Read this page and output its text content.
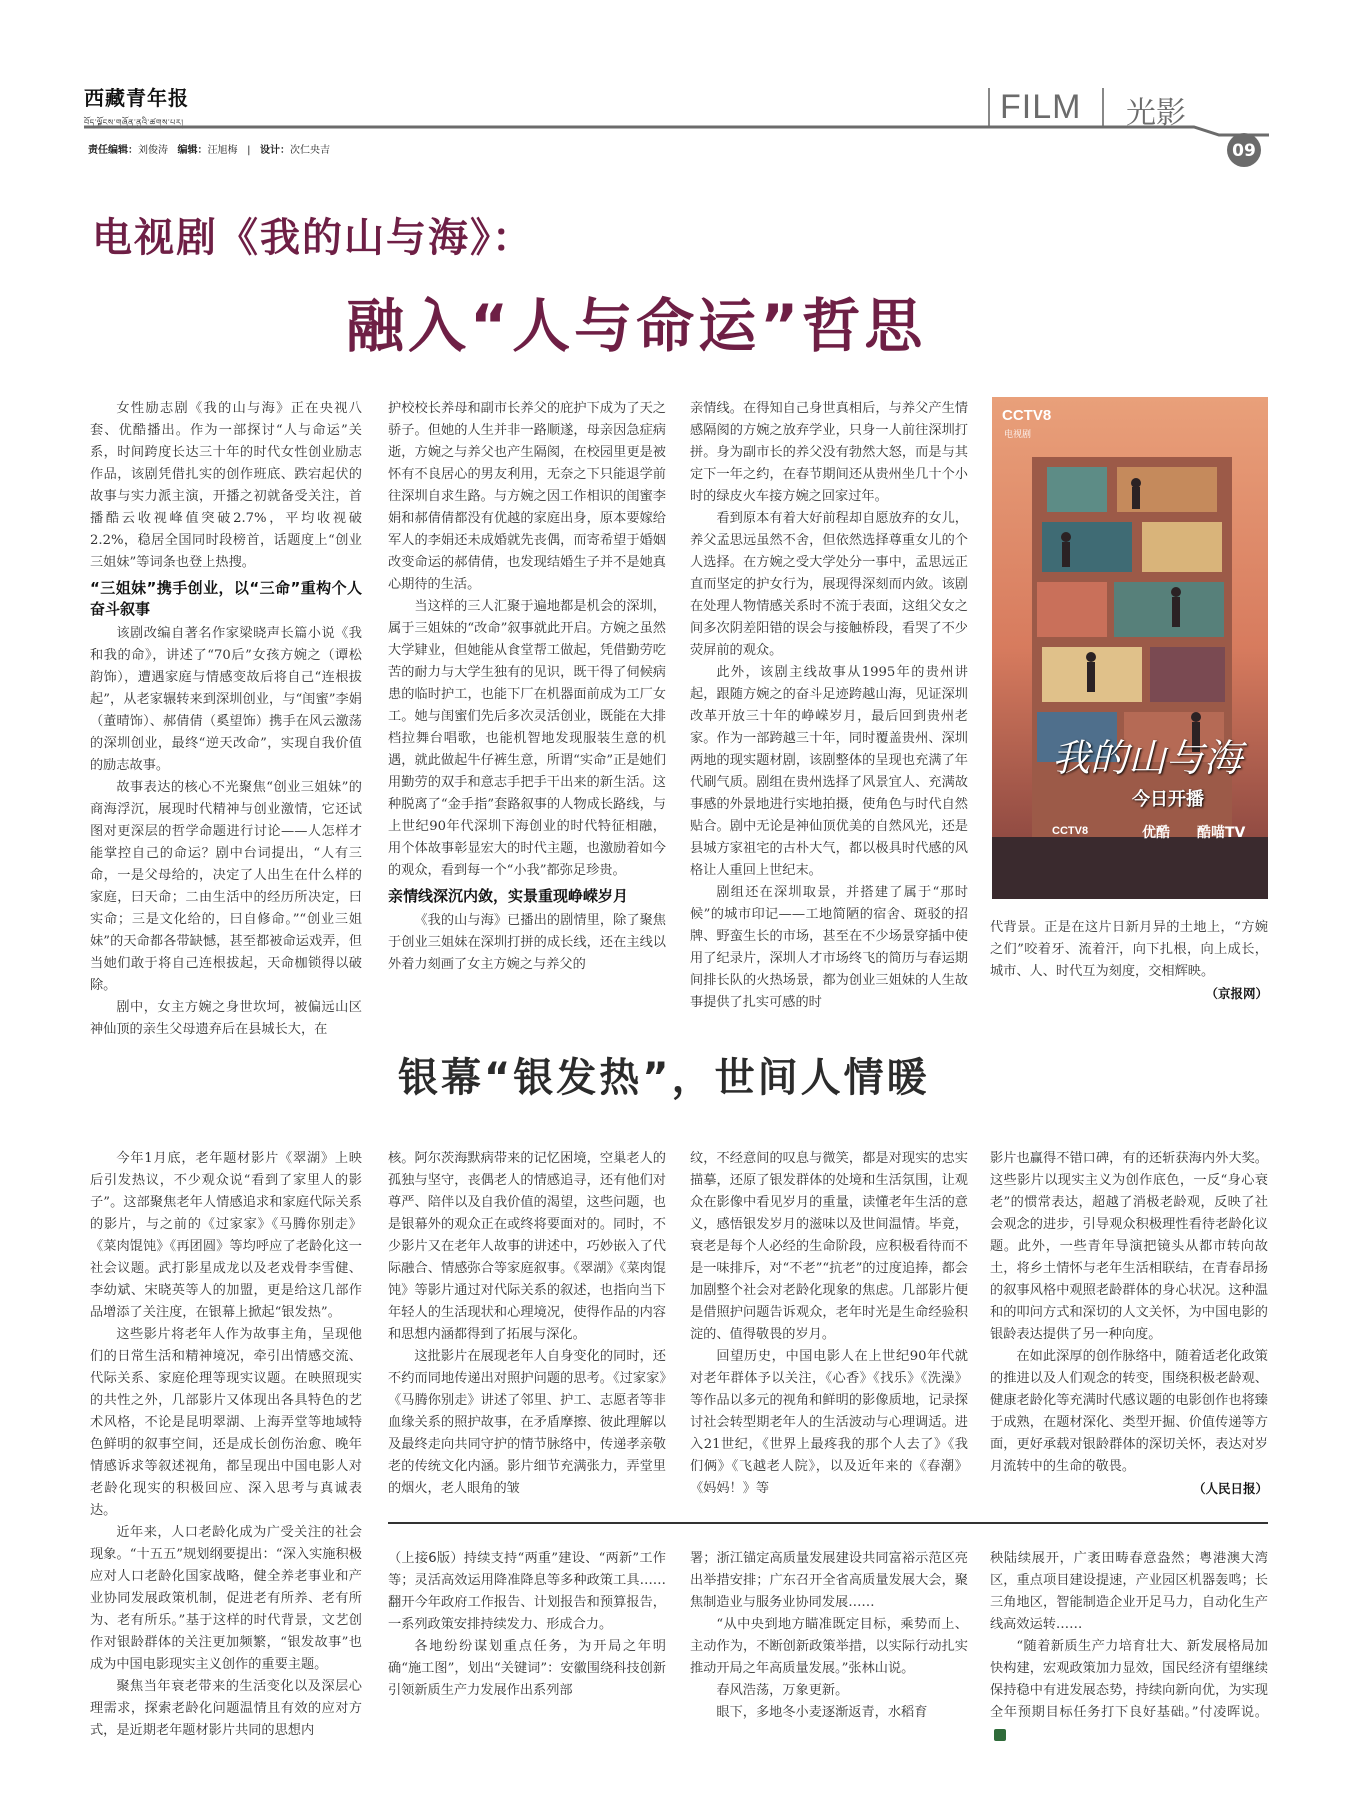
西藏青年报
བོད་ལྗོངས་གཞོན་ནུའི་ཚགས་པར།	FILM 光影
09
责任编辑：刘俊涛 编辑：汪旭梅 | 设计：次仁央吉
电视剧《我的山与海》：
融入“人与命运”哲思

女性励志剧《我的山与海》正在央视八套、优酷播出。作为一部探讨“人与命运”关系，时间跨度长达三十年的时代女性创业励志作品，该剧凭借扎实的创作班底、跌宕起伏的故事与实力派主演，开播之初就备受关注，首播酷云收视峰值突破2.7%，平均收视破2.2%，稳居全国同时段榜首，话题度上“创业三姐妹”等词条也登上热搜。

“三姐妹”携手创业，以“三命”重构个人奋斗叙事

该剧改编自著名作家梁晓声长篇小说《我和我的命》，讲述了“70后”女孩方婉之（谭松韵饰），遭遇家庭与情感变故后将自己“连根拔起”，从老家辗转来到深圳创业，与“闺蜜”李娟（董晴饰）、郝倩倩（奚望饰）携手在风云激荡的深圳创业，最终“逆天改命”，实现自我价值的励志故事。

故事表达的核心不光聚焦“创业三姐妹”的商海浮沉，展现时代精神与创业激情，它还试图对更深层的哲学命题进行讨论——人怎样才能掌控自己的命运？剧中台词提出，“人有三命，一是父母给的，决定了人出生在什么样的家庭，曰天命；二由生活中的经历所决定，曰实命；三是文化给的，曰自修命。”“创业三姐妹”的天命都各带缺憾，甚至都被命运戏弄，但当她们敢于将自己连根拔起，天命枷锁得以破除。

剧中，女主方婉之身世坎坷，被偏远山区神仙顶的亲生父母遗弃后在县城长大，在

护校校长养母和副市长养父的庇护下成为了天之骄子。但她的人生并非一路顺遂，母亲因急症病逝，方婉之与养父也产生隔阂，在校园里更是被怀有不良居心的男友利用，无奈之下只能退学前往深圳自求生路。与方婉之因工作相识的闺蜜李娟和郝倩倩都没有优越的家庭出身，原本要嫁给军人的李娟还未成婚就先丧偶，而寄希望于婚姻改变命运的郝倩倩，也发现结婚生子并不是她真心期待的生活。

当这样的三人汇聚于遍地都是机会的深圳，属于三姐妹的“改命”叙事就此开启。方婉之虽然大学肄业，但她能从食堂帮工做起，凭借勤劳吃苦的耐力与大学生独有的见识，既干得了伺候病患的临时护工，也能下厂在机器面前成为工厂女工。她与闺蜜们先后多次灵活创业，既能在大排档拉舞台唱歌，也能机智地发现服装生意的机遇，就此做起牛仔裤生意，所谓“实命”正是她们用勤劳的双手和意志手把手干出来的新生活。这种脱离了“金手指”套路叙事的人物成长路线，与上世纪90年代深圳下海创业的时代特征相融，用个体故事彰显宏大的时代主题，也激励着如今的观众，看到每一个“小我”都弥足珍贵。

亲情线深沉内敛，实景重现峥嵘岁月

《我的山与海》已播出的剧情里，除了聚焦于创业三姐妹在深圳打拼的成长线，还在主线以外着力刻画了女主方婉之与养父的

亲情线。在得知自己身世真相后，与养父产生情感隔阂的方婉之放弃学业，只身一人前往深圳打拼。身为副市长的养父没有勃然大怒，而是与其定下一年之约，在春节期间还从贵州坐几十个小时的绿皮火车接方婉之回家过年。

看到原本有着大好前程却自愿放弃的女儿，养父孟思远虽然不舍，但依然选择尊重女儿的个人选择。在方婉之受大学处分一事中，孟思远正直而坚定的护女行为，展现得深刻而内敛。该剧在处理人物情感关系时不流于表面，这组父女之间多次阴差阳错的误会与接触桥段，看哭了不少荧屏前的观众。

此外，该剧主线故事从1995年的贵州讲起，跟随方婉之的奋斗足迹跨越山海，见证深圳改革开放三十年的峥嵘岁月，最后回到贵州老家。作为一部跨越三十年，同时覆盖贵州、深圳两地的现实题材剧，该剧整体的呈现也充满了年代刷气质。剧组在贵州选择了风景宜人、充满故事感的外景地进行实地拍摄，使角色与时代自然贴合。剧中无论是神仙顶优美的自然风光，还是县城方家祖宅的古朴大气，都以极具时代感的风格让人重回上世纪末。

剧组还在深圳取景，并搭建了属于“那时候”的城市印记——工地简陋的宿舍、斑驳的招牌、野蛮生长的市场，甚至在不少场景穿插中使用了纪录片，深圳人才市场终飞的简历与春运期间排长队的火热场景，都为创业三姐妹的人生故事提供了扎实可感的时

CCTV8
电视剧
我的山与海
今日开播
CCTV8	优酷 酷喵TV

代背景。正是在这片日新月异的土地上，“方婉之们”咬着牙、流着汗，向下扎根，向上成长，城市、人、时代互为刻度，交相辉映。

（京报网）

银幕“银发热”，世间人情暖

今年1月底，老年题材影片《翠湖》上映后引发热议，不少观众说“看到了家里人的影子”。这部聚焦老年人情感追求和家庭代际关系的影片，与之前的《过家家》《马腾你别走》《菜肉馄饨》《再团圆》等均呼应了老龄化这一社会议题。武打影星成龙以及老戏骨李雪健、李幼斌、宋晓英等人的加盟，更是给这几部作品增添了关注度，在银幕上掀起“银发热”。

这些影片将老年人作为故事主角，呈现他们的日常生活和精神境况，牵引出情感交流、代际关系、家庭伦理等现实议题。在映照现实的共性之外，几部影片又体现出各具特色的艺术风格，不论是昆明翠湖、上海弄堂等地域特色鲜明的叙事空间，还是成长创伤治愈、晚年情感诉求等叙述视角，都呈现出中国电影人对老龄化现实的积极回应、深入思考与真诚表达。

近年来，人口老龄化成为广受关注的社会现象。“十五五”规划纲要提出：“深入实施积极应对人口老龄化国家战略，健全养老事业和产业协同发展政策机制，促进老有所养、老有所为、老有所乐。”基于这样的时代背景，文艺创作对银龄群体的关注更加频繁，“银发故事”也成为中国电影现实主义创作的重要主题。

聚焦当年衰老带来的生活变化以及深层心理需求，探索老龄化问题温情且有效的应对方式，是近期老年题材影片共同的思想内

核。阿尔茨海默病带来的记忆困境，空巢老人的孤独与坚守，丧偶老人的情感追寻，还有他们对尊严、陪伴以及自我价值的渴望，这些问题，也是银幕外的观众正在或终将要面对的。同时，不少影片又在老年人故事的讲述中，巧妙嵌入了代际融合、情感弥合等家庭叙事。《翠湖》《菜肉馄饨》等影片通过对代际关系的叙述，也指向当下年轻人的生活现状和心理境况，使得作品的内容和思想内涵都得到了拓展与深化。

这批影片在展现老年人自身变化的同时，还不约而同地传递出对照护问题的思考。《过家家》《马腾你别走》讲述了邻里、护工、志愿者等非血缘关系的照护故事，在矛盾摩擦、彼此理解以及最终走向共同守护的情节脉络中，传递孝亲敬老的传统文化内涵。影片细节充满张力，弄堂里的烟火，老人眼角的皱

纹，不经意间的叹息与微笑，都是对现实的忠实描摹，还原了银发群体的处境和生活氛围，让观众在影像中看见岁月的重量，读懂老年生活的意义，感悟银发岁月的滋味以及世间温情。毕竟，衰老是每个人必经的生命阶段，应积极看待而不是一味排斥，对“不老”“抗老”的过度追捧，都会加剧整个社会对老龄化现象的焦虑。几部影片便是借照护问题告诉观众，老年时光是生命经验积淀的、值得敬畏的岁月。

回望历史，中国电影人在上世纪90年代就对老年群体予以关注，《心香》《找乐》《洗澡》等作品以多元的视角和鲜明的影像质地，记录探讨社会转型期老年人的生活波动与心理调适。进入21世纪，《世界上最疼我的那个人去了》《我们俩》《飞越老人院》，以及近年来的《春潮》《妈妈！》等

影片也赢得不错口碑，有的还斩获海内外大奖。这些影片以现实主义为创作底色，一反“身心衰老”的惯常表达，超越了消极老龄观，反映了社会观念的进步，引导观众积极理性看待老龄化议题。此外，一些青年导演把镜头从都市转向故土，将乡土情怀与老年生活相联结，在青春昂扬的叙事风格中观照老龄群体的身心状况。这种温和的叩问方式和深切的人文关怀，为中国电影的银龄表达提供了另一种向度。

在如此深厚的创作脉络中，随着适老化政策的推进以及人们观念的转变，围绕积极老龄观、健康老龄化等充满时代感议题的电影创作也将臻于成熟，在题材深化、类型开掘、价值传递等方面，更好承载对银龄群体的深切关怀，表达对岁月流转中的生命的敬畏。

（人民日报）

（上接6版）持续支持“两重”建设、“两新”工作等；灵活高效运用降准降息等多种政策工具……翻开今年政府工作报告、计划报告和预算报告，一系列政策安排持续发力、形成合力。

各地纷纷谋划重点任务，为开局之年明确“施工图”，划出“关键词”：安徽围绕科技创新引领新质生产力发展作出系列部

署；浙江锚定高质量发展建设共同富裕示范区亮出举措安排；广东召开全省高质量发展大会，聚焦制造业与服务业协同发展……

“从中央到地方瞄准既定目标，乘势而上、主动作为，不断创新政策举措，以实际行动扎实推动开局之年高质量发展。”张林山说。

春风浩荡，万象更新。

眼下，多地冬小麦逐渐返青，水稻育

秧陆续展开，广袤田畴春意盎然；粤港澳大湾区，重点项目建设提速，产业园区机器轰鸣；长三角地区，智能制造企业开足马力，自动化生产线高效运转……

“随着新质生产力培育壮大、新发展格局加快构建，宏观政策加力显效，国民经济有望继续保持稳中有进发展态势，持续向新向优，为实现全年预期目标任务打下良好基础。”付凌晖说。
